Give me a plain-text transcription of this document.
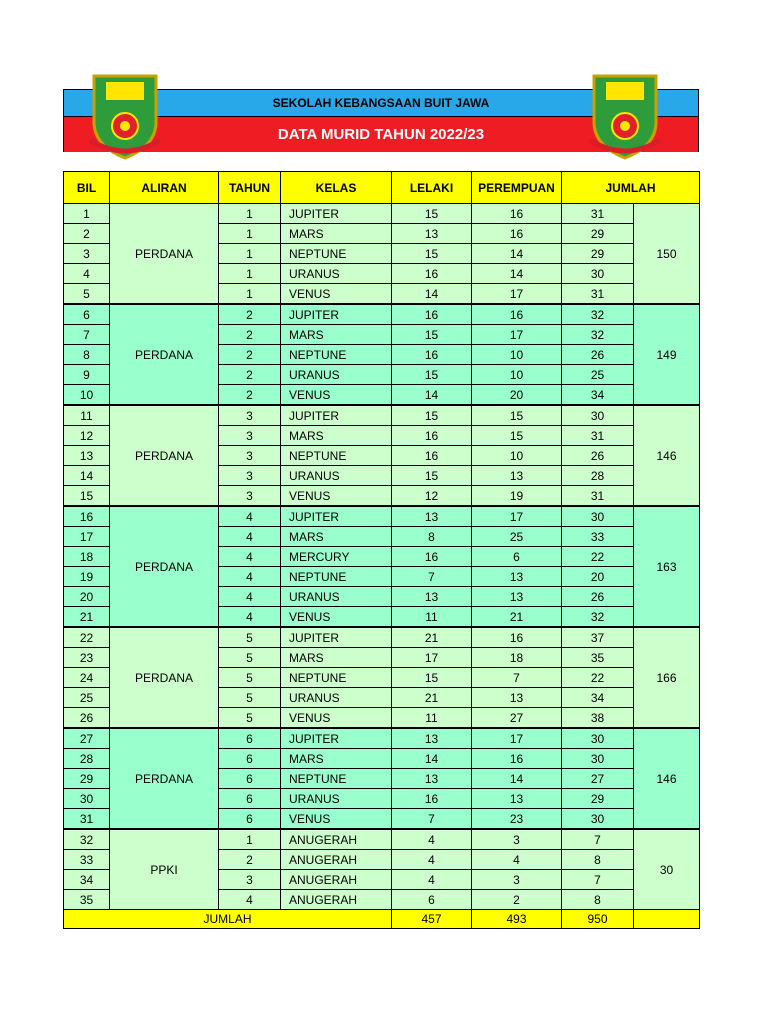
SEKOLAH KEBANGSAAN BUIT JAWA
DATA MURID TAHUN 2022/23
BIL	ALIRAN	TAHUN	KELAS	LELAKI	PEREMPUAN	JUMLAH	
1	PERDANA	1	JUPITER	15	16	31	150
2		1	MARS	13	16	29	
3		1	NEPTUNE	15	14	29	
4		1	URANUS	16	14	30	
5		1	VENUS	14	17	31	
6	PERDANA	2	JUPITER	16	16	32	149
7		2	MARS	15	17	32	
8		2	NEPTUNE	16	10	26	
9		2	URANUS	15	10	25	
10		2	VENUS	14	20	34	
11	PERDANA	3	JUPITER	15	15	30	146
12		3	MARS	16	15	31	
13		3	NEPTUNE	16	10	26	
14		3	URANUS	15	13	28	
15		3	VENUS	12	19	31	
16	PERDANA	4	JUPITER	13	17	30	163
17		4	MARS	8	25	33	
18		4	MERCURY	16	6	22	
19		4	NEPTUNE	7	13	20	
20		4	URANUS	13	13	26	
21		4	VENUS	11	21	32	
22	PERDANA	5	JUPITER	21	16	37	166
23		5	MARS	17	18	35	
24		5	NEPTUNE	15	7	22	
25		5	URANUS	21	13	34	
26		5	VENUS	11	27	38	
27	PERDANA	6	JUPITER	13	17	30	146
28		6	MARS	14	16	30	
29		6	NEPTUNE	13	14	27	
30		6	URANUS	16	13	29	
31		6	VENUS	7	23	30	
32	PPKI	1	ANUGERAH	4	3	7	30
33		2	ANUGERAH	4	4	8	
34		3	ANUGERAH	4	3	7	
35		4	ANUGERAH	6	2	8	
JUMLAH				457	493	950	
